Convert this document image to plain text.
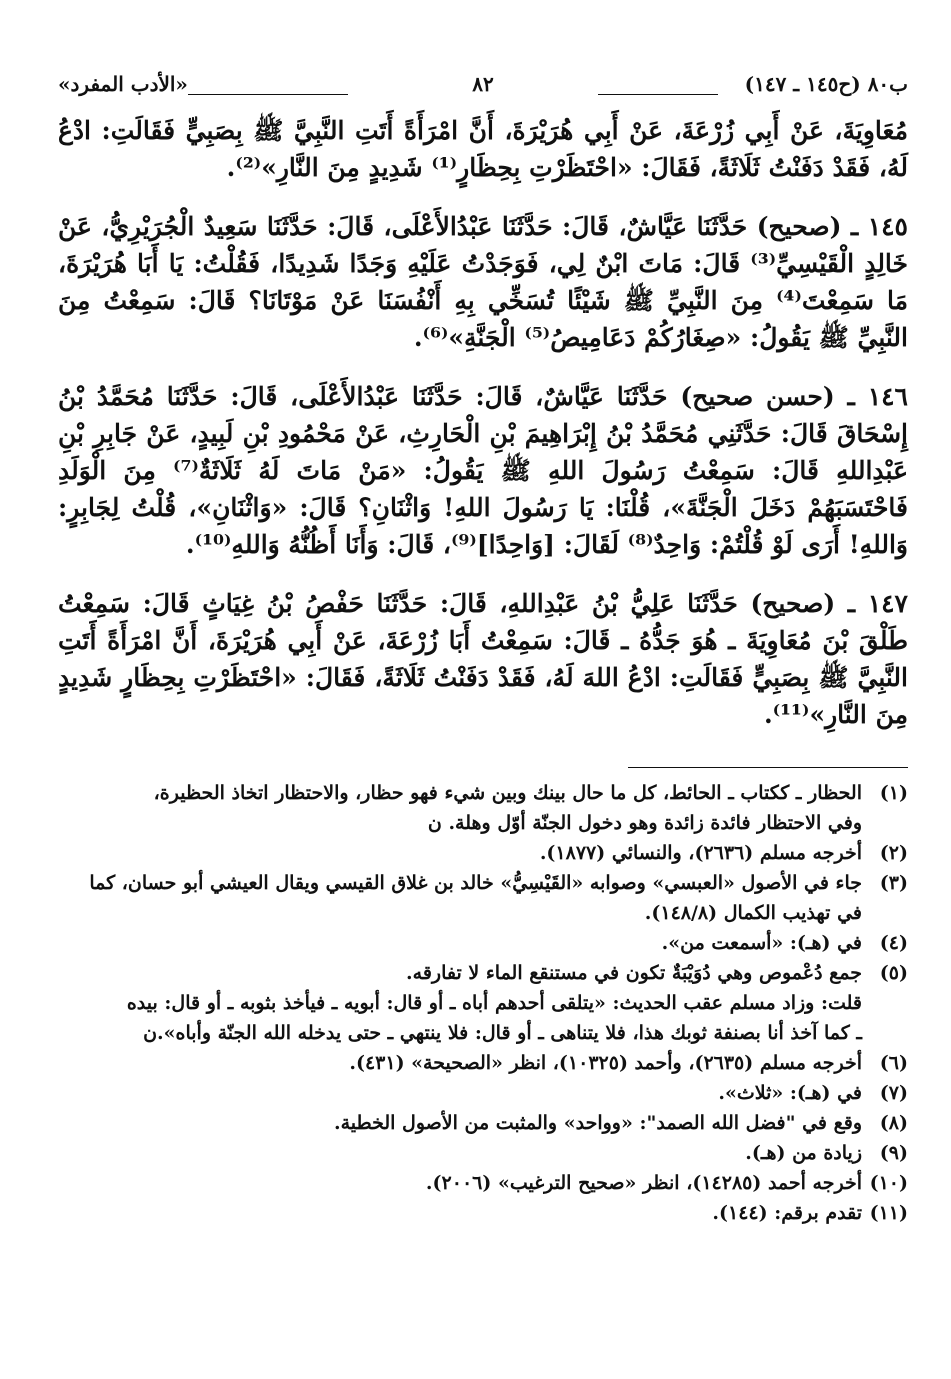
ب٨٠ (ح١٤٥ ـ ١٤٧)
٨٢
«الأدب المفرد»

مُعَاوِيَةَ، عَنْ أَبِي زُرْعَةَ، عَنْ أَبِي هُرَيْرَةَ، أَنَّ امْرَأَةً أَتَتِ النَّبِيَّ ﷺ بِصَبِيٍّ فَقَالَتِ: ادْعُ لَهُ، فَقَدْ دَفَنْتُ ثَلَاثَةً، فَقَالَ: «احْتَظَرْتِ بِحِظَارٍ⁽¹⁾ شَدِيدٍ مِنَ النَّارِ»⁽²⁾.

١٤٥ ـ (صحيح) حَدَّثَنَا عَيَّاشٌ، قَالَ: حَدَّثَنَا عَبْدُالأَعْلَى، قَالَ: حَدَّثَنَا سَعِيدٌ الْجُرَيْرِيُّ، عَنْ خَالِدٍ الْقَيْسِيِّ⁽³⁾ قَالَ: مَاتَ ابْنٌ لِي، فَوَجَدْتُ عَلَيْهِ وَجَدًا شَدِيدًا، فَقُلْتُ: يَا أَبَا هُرَيْرَةَ، مَا سَمِعْتَ⁽⁴⁾ مِنَ النَّبِيِّ ﷺ شَيْئًا تُسَخِّي بِهِ أَنْفُسَنَا عَنْ مَوْتَانَا؟ قَالَ: سَمِعْتُ مِنَ النَّبِيِّ ﷺ يَقُولُ: «صِغَارُكُمْ دَعَامِيصُ⁽⁵⁾ الْجَنَّةِ»⁽⁶⁾.

١٤٦ ـ (حسن صحيح) حَدَّثَنَا عَيَّاشٌ، قَالَ: حَدَّثَنَا عَبْدُالأَعْلَى، قَالَ: حَدَّثَنَا مُحَمَّدُ بْنُ إِسْحَاقَ قَالَ: حَدَّثَنِي مُحَمَّدُ بْنُ إِبْرَاهِيمَ بْنِ الْحَارِثِ، عَنْ مَحْمُودِ بْنِ لَبِيدٍ، عَنْ جَابِرِ بْنِ عَبْدِاللهِ قَالَ: سَمِعْتُ رَسُولَ اللهِ ﷺ يَقُولُ: «مَنْ مَاتَ لَهُ ثَلَاثَةٌ⁽⁷⁾ مِنَ الْوَلَدِ فَاحْتَسَبَهُمْ دَخَلَ الْجَنَّةَ»، قُلْنَا: يَا رَسُولَ اللهِ! وَاثْنَانِ؟ قَالَ: «وَاثْنَانِ»، قُلْتُ لِجَابِرٍ: وَاللهِ! أَرَى لَوْ قُلْتُمْ: وَاحِدٌ⁽⁸⁾ لَقَالَ: [وَاحِدًا]⁽⁹⁾، قَالَ: وَأَنَا أَظُنُّهُ وَاللهِ⁽¹⁰⁾.

١٤٧ ـ (صحيح) حَدَّثَنَا عَلِيُّ بْنُ عَبْدِاللهِ، قَالَ: حَدَّثَنَا حَفْصُ بْنُ غِيَاثٍ قَالَ: سَمِعْتُ طَلْقَ بْنَ مُعَاوِيَةَ ـ هُوَ جَدُّهُ ـ قَالَ: سَمِعْتُ أَبَا زُرْعَةَ، عَنْ أَبِي هُرَيْرَةَ، أَنَّ امْرَأَةً أَتَتِ النَّبِيَّ ﷺ بِصَبِيٍّ فَقَالَتِ: ادْعُ اللهَ لَهُ، فَقَدْ دَفَنْتُ ثَلَاثَةً، فَقَالَ: «احْتَظَرْتِ بِحِظَارٍ شَدِيدٍ مِنَ النَّارِ»⁽¹¹⁾.

(١)
الحظار ـ ككتاب ـ الحائط، كل ما حال بينك وبين شيء فهو حظار، والاحتظار اتخاذ الحظيرة،
وفي الاحتظار فائدة زائدة وهو دخول الجنّة أوّل وهلة. ن
(٢)
أخرجه مسلم (٢٦٣٦)، والنسائي (١٨٧٧).
(٣)
جاء في الأصول «العبسي» وصوابه «القَيْسِيُّ» خالد بن غلاق القيسي ويقال العيشي أبو حسان، كما
في تهذيب الكمال (١٤٨/٨).
(٤)
في (هـ): «أسمعت من».
(٥)
جمع دُعْموص وهي دُوَيْبَةٌ تكون في مستنقع الماء لا تفارقه.
قلت: وزاد مسلم عقب الحديث: «يتلقى أحدهم أباه ـ أو قال: أبويه ـ فيأخذ بثوبه ـ أو قال: بيده
ـ كما آخذ أنا بصنفة ثوبك هذا، فلا يتناهى ـ أو قال: فلا ينتهي ـ حتى يدخله الله الجنّة وأباه».ن
(٦)
أخرجه مسلم (٢٦٣٥)، وأحمد (١٠٣٢٥)، انظر «الصحيحة» (٤٣١).
(٧)
في (هـ): «ثلاث».
(٨)
وقع في "فضل الله الصمد": «وواحد» والمثبت من الأصول الخطية.
(٩)
زيادة من (هـ).
(١٠)
أخرجه أحمد (١٤٢٨٥)، انظر «صحيح الترغيب» (٢٠٠٦).
(١١)
تقدم برقم: (١٤٤).
